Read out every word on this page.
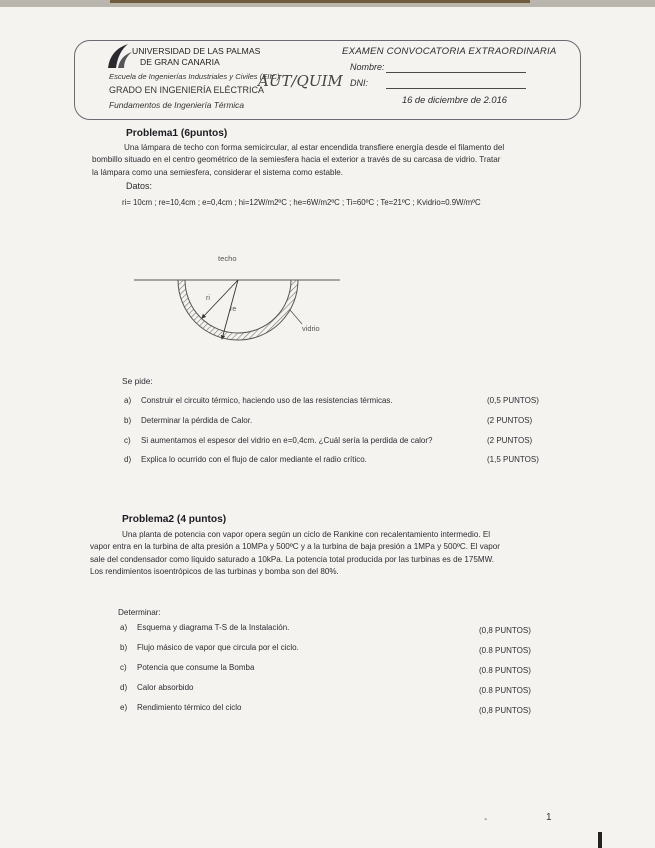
UNIVERSIDAD DE LAS PALMAS
DE GRAN CANARIA
Escuela de Ingenierías Industriales y Civiles (EIIC)
GRADO EN INGENIERÍA ELÉCTRICA
Fundamentos de Ingeniería Térmica
AUT/QUIM
EXAMEN CONVOCATORIA EXTRAORDINARIA
Nombre:
DNI:
16 de diciembre de 2.016
Problema1 (6puntos)
Una lámpara de techo con forma semicircular, al estar encendida transfiere energía desde el filamento del
bombillo situado en el centro geométrico de la semiesfera hacia el exterior a través de su carcasa de vidrio. Tratar
la lámpara como una semiesfera, considerar el sistema como estable.
Datos:
ri= 10cm ; re=10,4cm ; e=0,4cm ; hi=12W/m2ºC ; he=6W/m2ºC ; Ti=60ºC ; Te=21ºC ; Kvidrio=0.9W/mºC
techo
ri
re
vidrio
Se pide:
a) Construir el circuito térmico, haciendo uso de las resistencias térmicas.	(0,5 PUNTOS)
b) Determinar la pérdida de Calor.	(2 PUNTOS)
c) Si aumentamos el espesor del vidrio en e=0,4cm. ¿Cuál sería la perdida de calor?	(2 PUNTOS)
d) Explica lo ocurrido con el flujo de calor mediante el radio crítico.	(1,5 PUNTOS)
Problema2 (4 puntos)
Una planta de potencia con vapor opera según un ciclo de Rankine con recalentamiento intermedio. El
vapor entra en la turbina de alta presión a 10MPa y 500ºC y a la turbina de baja presión a 1MPa y 500ºC. El vapor
sale del condensador como líquido saturado a 10kPa. La potencia total producida por las turbinas es de 175MW.
Los rendimientos isoentrópicos de las turbinas y bomba son del 80%.
Determinar:
a) Esquema y diagrama T-S de la Instalación.	(0,8 PUNTOS)
b) Flujo másico de vapor que circula por el ciclo.	(0.8 PUNTOS)
c) Potencia que consume la Bomba	(0.8 PUNTOS)
d) Calor absorbido	(0.8 PUNTOS)
e) Rendimiento térmico del ciclo	(0,8 PUNTOS)
-	1
